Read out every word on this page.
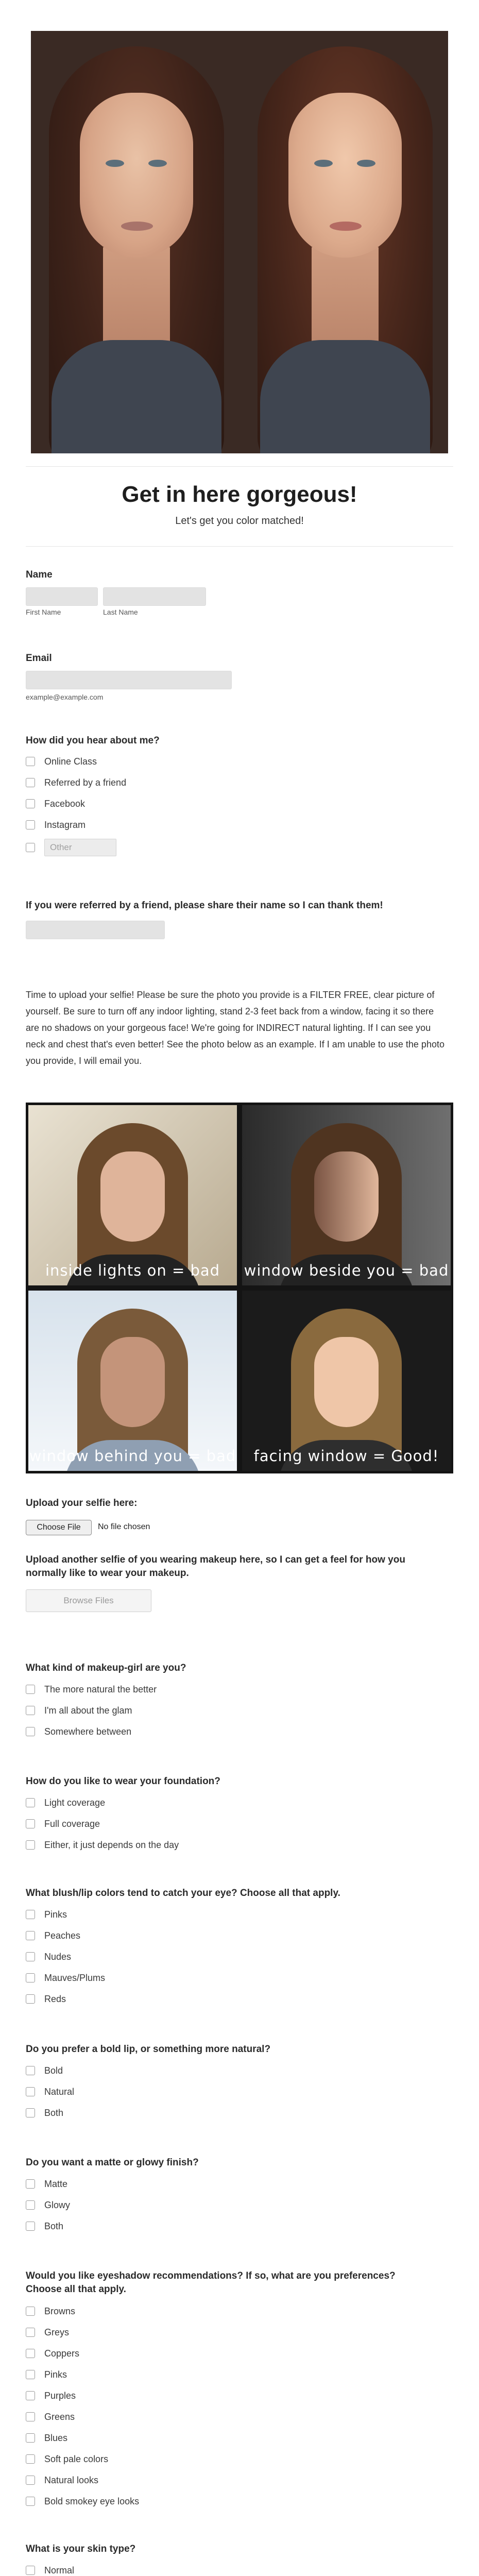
Get in here gorgeous!
Let's get you color matched!
Name
First Name	Last Name
Email
example@example.com
How did you hear about me?
Online Class
Referred by a friend
Facebook
Instagram
Other
If you were referred by a friend, please share their name so I can thank them!
Time to upload your selfie! Please be sure the photo you provide is a FILTER FREE, clear picture of yourself. Be sure to turn off any indoor lighting, stand 2-3 feet back from a window, facing it so there are no shadows on your gorgeous face! We're going for INDIRECT natural lighting. If I can see you neck and chest that's even better! See the photo below as an example. If I am unable to use the photo you provide, I will email you.
inside lights on = bad	window beside you = bad
window behind you = bad	facing window = Good!
Upload your selfie here:
Choose File	No file chosen
Upload another selfie of you wearing makeup here, so I can get a feel for how you normally like to wear your makeup.
Browse Files
What kind of makeup-girl are you?
The more natural the better
I'm all about the glam
Somewhere between
How do you like to wear your foundation?
Light coverage
Full coverage
Either, it just depends on the day
What blush/lip colors tend to catch your eye? Choose all that apply.
Pinks
Peaches
Nudes
Mauves/Plums
Reds
Do you prefer a bold lip, or something more natural?
Bold
Natural
Both
Do you want a matte or glowy finish?
Matte
Glowy
Both
Would you like eyeshadow recommendations? If so, what are you preferences? Choose all that apply.
Browns
Greys
Coppers
Pinks
Purples
Greens
Blues
Soft pale colors
Natural looks
Bold smokey eye looks
What is your skin type?
Normal
